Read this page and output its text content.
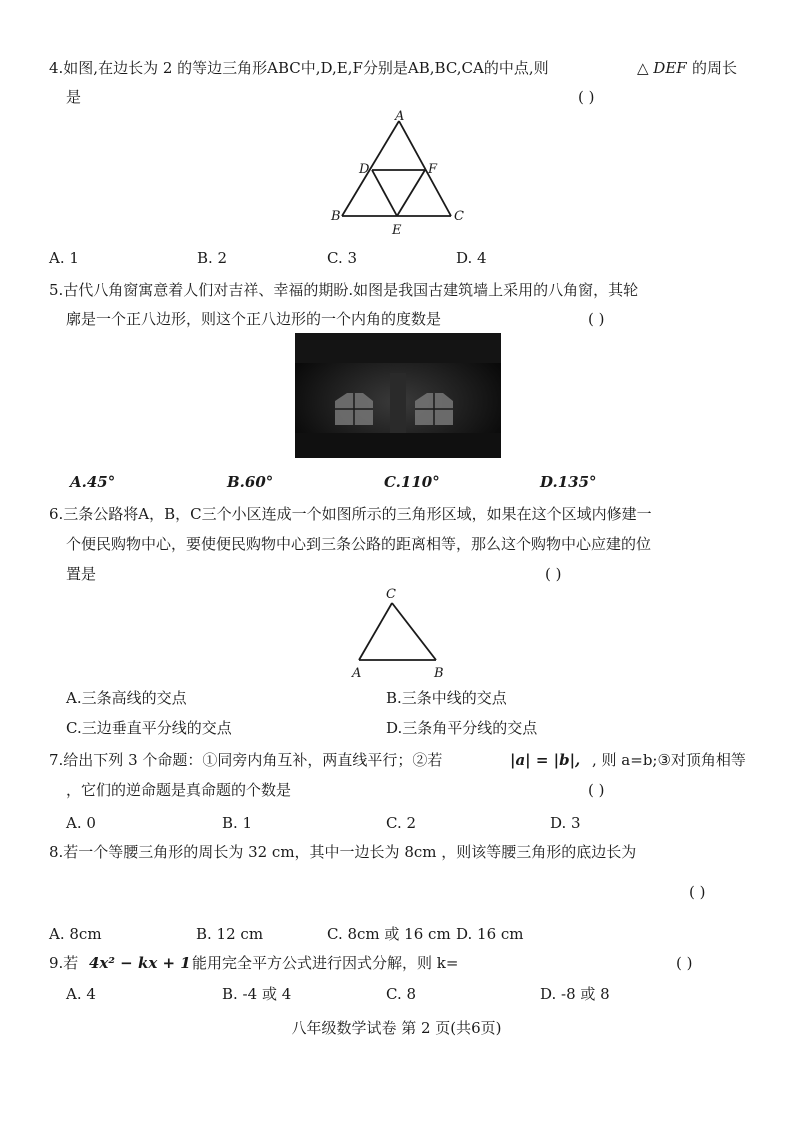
4.如图,在边长为 2 的等边三角形ABC中,D,E,F分别是AB,BC,CA的中点,则	△ DEF 的周长
是	( )
A
D	F
B	C
E
A. 1	B. 2	C. 3	D. 4
5.古代八角窗寓意着人们对吉祥、幸福的期盼.如图是我国古建筑墙上采用的八角窗，其轮
廓是一个正八边形，则这个正八边形的一个内角的度数是	( )
A.45°	B.60°	C.110°	D.135°
6.三条公路将A，B，C三个小区连成一个如图所示的三角形区域，如果在这个区域内修建一
个便民购物中心，要使便民购物中心到三条公路的距离相等，那么这个购物中心应建的位
置是	( )
C
A	B
A.三条高线的交点	B.三条中线的交点
C.三边垂直平分线的交点	D.三条角平分线的交点
7.给出下列 3 个命题：①同旁内角互补，两直线平行；②若	|a| = |b|, , 则 a=b;③对顶角相等
，它们的逆命题是真命题的个数是	( )
A. 0	B. 1	C. 2	D. 3
8.若一个等腰三角形的周长为 32 cm，其中一边长为 8cm ，则该等腰三角形的底边长为
( )
A. 8cm	B. 12 cm	C. 8cm 或 16 cm D. 16 cm
9.若 4x² − kx + 1 能用完全平方公式进行因式分解，则 k=	( )
A. 4	B. -4 或 4	C. 8	D. -8 或 8
八年级数学试卷 第 2 页(共6页)
